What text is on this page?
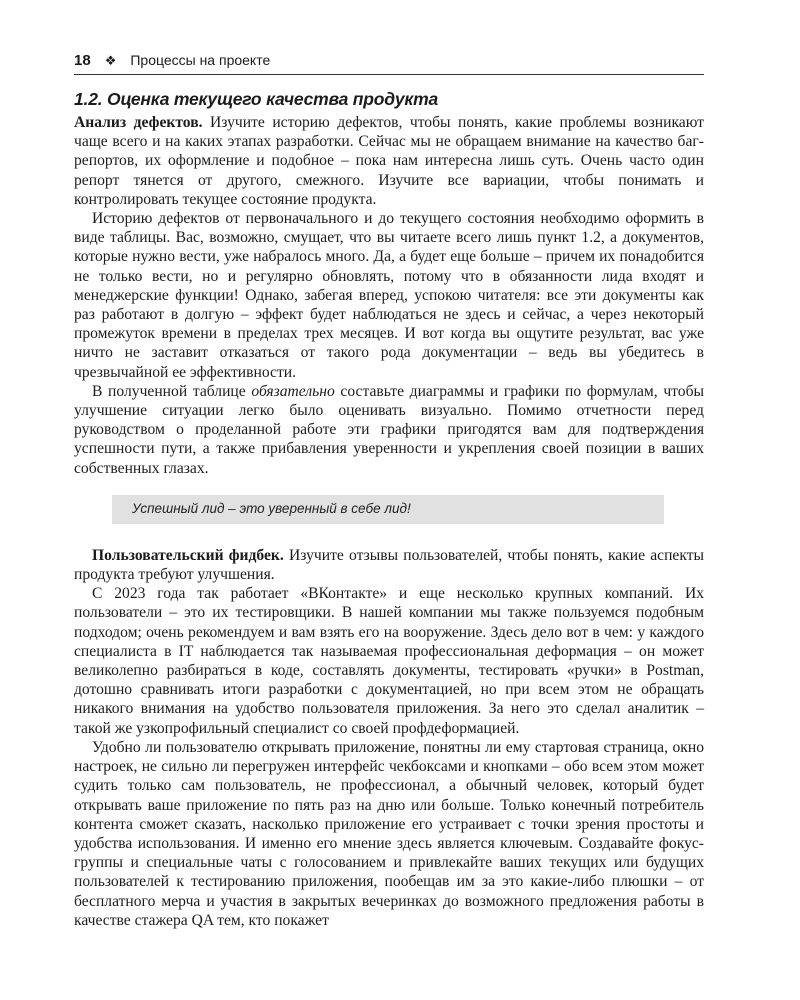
18 ❖ Процессы на проекте
1.2. Оценка текущего качества продукта

Анализ дефектов. Изучите историю дефектов, чтобы понять, какие проблемы возникают чаще всего и на каких этапах разработки. Сейчас мы не обращаем внимание на качество баг-репортов, их оформление и подобное – пока нам интересна лишь суть. Очень часто один репорт тянется от другого, смежного. Изучите все вариации, чтобы понимать и контролировать текущее состояние продукта.

Историю дефектов от первоначального и до текущего состояния необходимо оформить в виде таблицы. Вас, возможно, смущает, что вы читаете всего лишь пункт 1.2, а документов, которые нужно вести, уже набралось много. Да, а будет еще больше – причем их понадобится не только вести, но и регулярно обновлять, потому что в обязанности лида входят и менеджерские функции! Однако, забегая вперед, успокою читателя: все эти документы как раз работают в долгую – эффект будет наблюдаться не здесь и сейчас, а через некоторый промежуток времени в пределах трех месяцев. И вот когда вы ощутите результат, вас уже ничто не заставит отказаться от такого рода документации – ведь вы убедитесь в чрезвычайной ее эффективности.

В полученной таблице обязательно составьте диаграммы и графики по формулам, чтобы улучшение ситуации легко было оценивать визуально. Помимо отчетности перед руководством о проделанной работе эти графики пригодятся вам для подтверждения успешности пути, а также прибавления уверенности и укрепления своей позиции в ваших собственных глазах.

Успешный лид – это уверенный в себе лид!

Пользовательский фидбек. Изучите отзывы пользователей, чтобы понять, какие аспекты продукта требуют улучшения.

С 2023 года так работает «ВКонтакте» и еще несколько крупных компаний. Их пользователи – это их тестировщики. В нашей компании мы также пользуемся подобным подходом; очень рекомендуем и вам взять его на вооружение. Здесь дело вот в чем: у каждого специалиста в IT наблюдается так называемая профессиональная деформация – он может великолепно разбираться в коде, составлять документы, тестировать «ручки» в Postman, дотошно сравнивать итоги разработки с документацией, но при всем этом не обращать никакого внимания на удобство пользователя приложения. За него это сделал аналитик – такой же узкопрофильный специалист со своей профдеформацией.

Удобно ли пользователю открывать приложение, понятны ли ему стартовая страница, окно настроек, не сильно ли перегружен интерфейс чекбоксами и кнопками – обо всем этом может судить только сам пользователь, не профессионал, а обычный человек, который будет открывать ваше приложение по пять раз на дню или больше. Только конечный потребитель контента сможет сказать, насколько приложение его устраивает с точки зрения простоты и удобства использования. И именно его мнение здесь является ключевым. Создавайте фокус-группы и специальные чаты с голосованием и привлекайте ваших текущих или будущих пользователей к тестированию приложения, пообещав им за это какие-либо плюшки – от бесплатного мерча и участия в закрытых вечеринках до возможного предложения работы в качестве стажера QA тем, кто покажет
